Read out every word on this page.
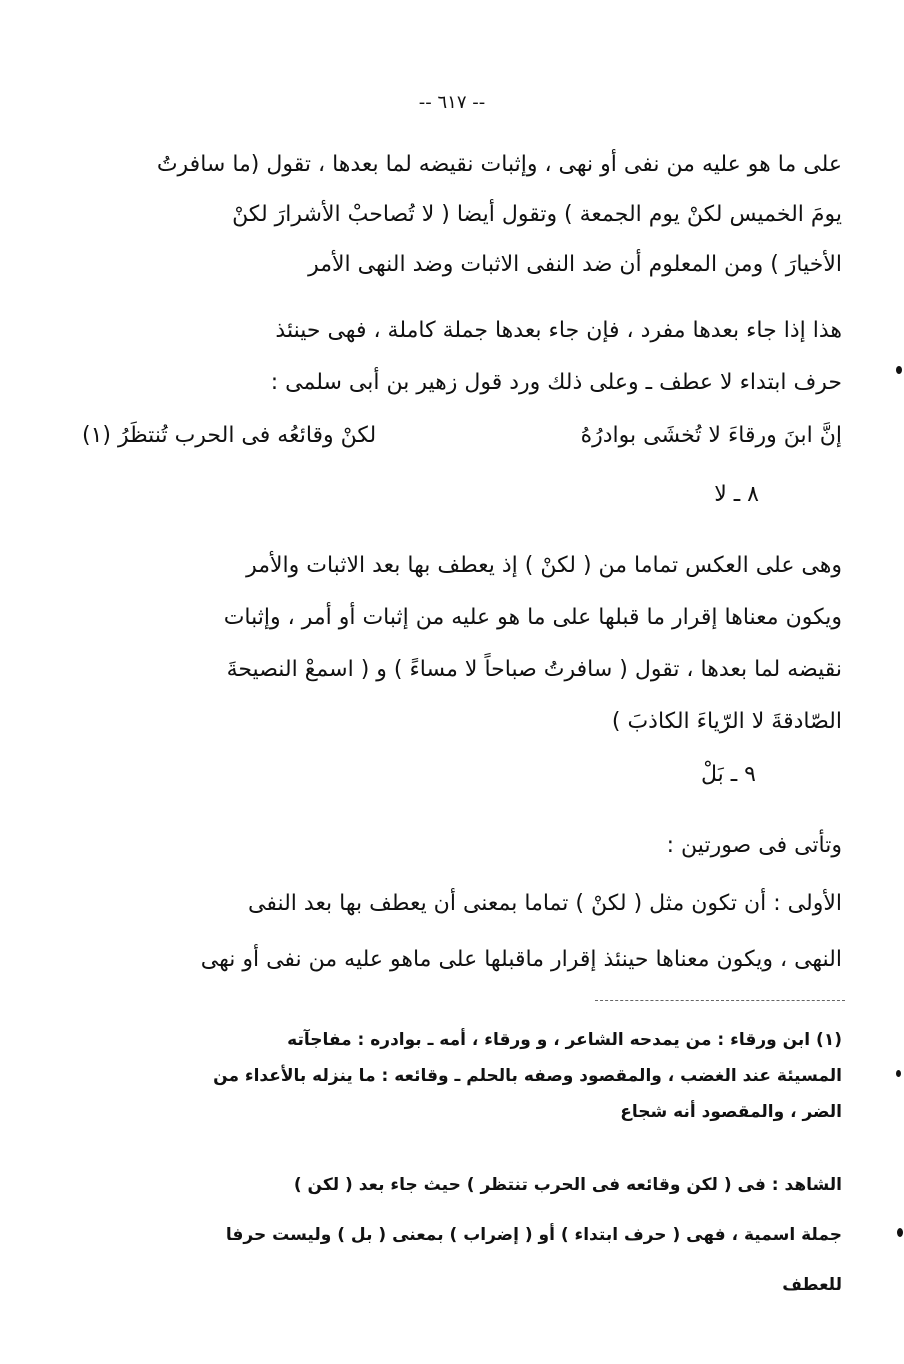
-- ٦١٧ --
على ما هو عليه من نفى أو نهى ، وإثبات نقيضه لما بعدها ، تقول (ما سافرتُ
يومَ الخميس لكنْ يوم الجمعة ) وتقول أيضا ( لا تُصاحبْ الأشرارَ لكنْ
الأخيارَ ) ومن المعلوم أن ضد النفى الاثبات وضد النهى الأمر
هذا إذا جاء بعدها مفرد ، فإن جاء بعدها جملة كاملة ، فهى حينئذ
حرف ابتداء لا عطف ـ وعلى ذلك ورد قول زهير بن أبى سلمى :
إنَّ ابنَ ورقاءَ لا تُخشَى بوادرُهُ
لكنْ وقائعُه فى الحرب تُنتظَرُ (١)
٨ ـ لا
وهى على العكس تماما من ( لكنْ ) إذ يعطف بها بعد الاثبات والأمر
ويكون معناها إقرار ما قبلها على ما هو عليه من إثبات أو أمر ، وإثبات
نقيضه لما بعدها ، تقول ( سافرتُ صباحاً لا مساءً ) و ( اسمعْ النصيحةَ
الصّادقةَ لا الرّياءَ الكاذبَ )
٩ ـ بَلْ
وتأتى فى صورتين :
الأولى : أن تكون مثل ( لكنْ ) تماما بمعنى أن يعطف بها بعد النفى
النهى ، ويكون معناها حينئذ إقرار ماقبلها على ماهو عليه من نفى أو نهى
(١) ابن ورقاء : من يمدحه الشاعر ، و ورقاء ، أمه ـ بوادره : مفاجآته
المسيئة عند الغضب ، والمقصود وصفه بالحلم ـ وقائعه : ما ينزله بالأعداء من
الضر ، والمقصود أنه شجاع
الشاهد : فى ( لكن وقائعه فى الحرب تنتظر ) حيث جاء بعد ( لكن )
جملة اسمية ، فهى ( حرف ابتداء ) أو ( إضراب ) بمعنى ( بل ) وليست حرفا
للعطف
